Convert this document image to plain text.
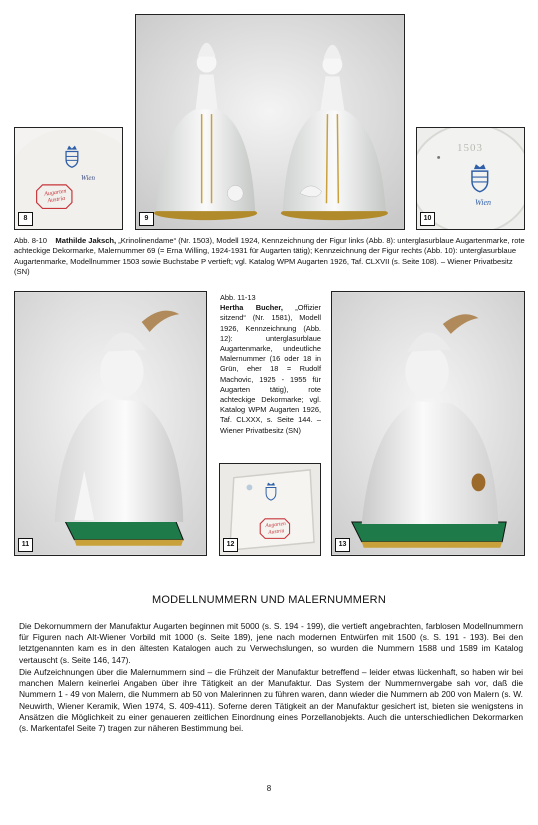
Augarten Austria
Wien
8	9
1503
Wien
10
Abb. 8-10 Mathilde Jaksch, „Krinolinendame“ (Nr. 1503), Modell 1924, Kennzeichnung der Figur links (Abb. 8): unterglasurblaue Augartenmarke, rote achteckige Dekormarke, Malernummer 69 (= Erna Willing, 1924-1931 für Augarten tätig); Kennzeichnung der Figur rechts (Abb. 10): unterglasurblaue Augartenmarke, Modellnummer 1503 sowie Buchstabe P vertieft; vgl. Katalog WPM Augarten 1926, Taf. CLXVII (s. Seite 108). – Wiener Privatbesitz (SN)
11
Abb. 11-13
Hertha Bucher, „Offizier sitzend“ (Nr. 1581), Modell 1926, Kennzeichnung (Abb. 12): unterglasurblaue Augartenmarke, undeutliche Malernummer (16 oder 18 in Grün, eher 18 = Rudolf Machovic, 1925 - 1955 für Augarten tätig), rote achteckige Dekormarke; vgl. Katalog WPM Augarten 1926, Taf. CLXXX, s. Seite 144. – Wiener Privatbesitz (SN)
Augarten Austria
12	13
MODELLNUMMERN UND MALERNUMMERN
Die Dekornummern der Manufaktur Augarten beginnen mit 5000 (s. S. 194 - 199), die vertieft angebrachten, farblosen Modellnummern für Figuren nach Alt-Wiener Vorbild mit 1000 (s. Seite 189), jene nach modernen Entwürfen mit 1500 (s. S. 191 - 193). Bei den letztgenannten kam es in den ältesten Katalogen auch zu Verwechslungen, so wurden die Nummern 1588 und 1589 im Katalog vertauscht (s. Seite 146, 147).
Die Aufzeichnungen über die Malernummern sind – die Frühzeit der Manufaktur betreffend – leider etwas lückenhaft, so haben wir bei manchen Malern keinerlei Angaben über ihre Tätigkeit an der Manufaktur. Das System der Nummernvergabe sah vor, daß die Nummern 1 - 49 von Malern, die Nummern ab 50 von Malerinnen zu führen waren, dann wieder die Nummern ab 200 von Malern (s. W. Neuwirth, Wiener Keramik, Wien 1974, S. 409-411). Soferne deren Tätigkeit an der Manufaktur gesichert ist, bieten sie wenigstens in Ansätzen die Möglichkeit zu einer genaueren zeitlichen Einordnung eines Porzellanobjekts. Auch die unterschiedlichen Dekormarken (s. Markentafel Seite 7) tragen zur näheren Bestimmung bei.
8
